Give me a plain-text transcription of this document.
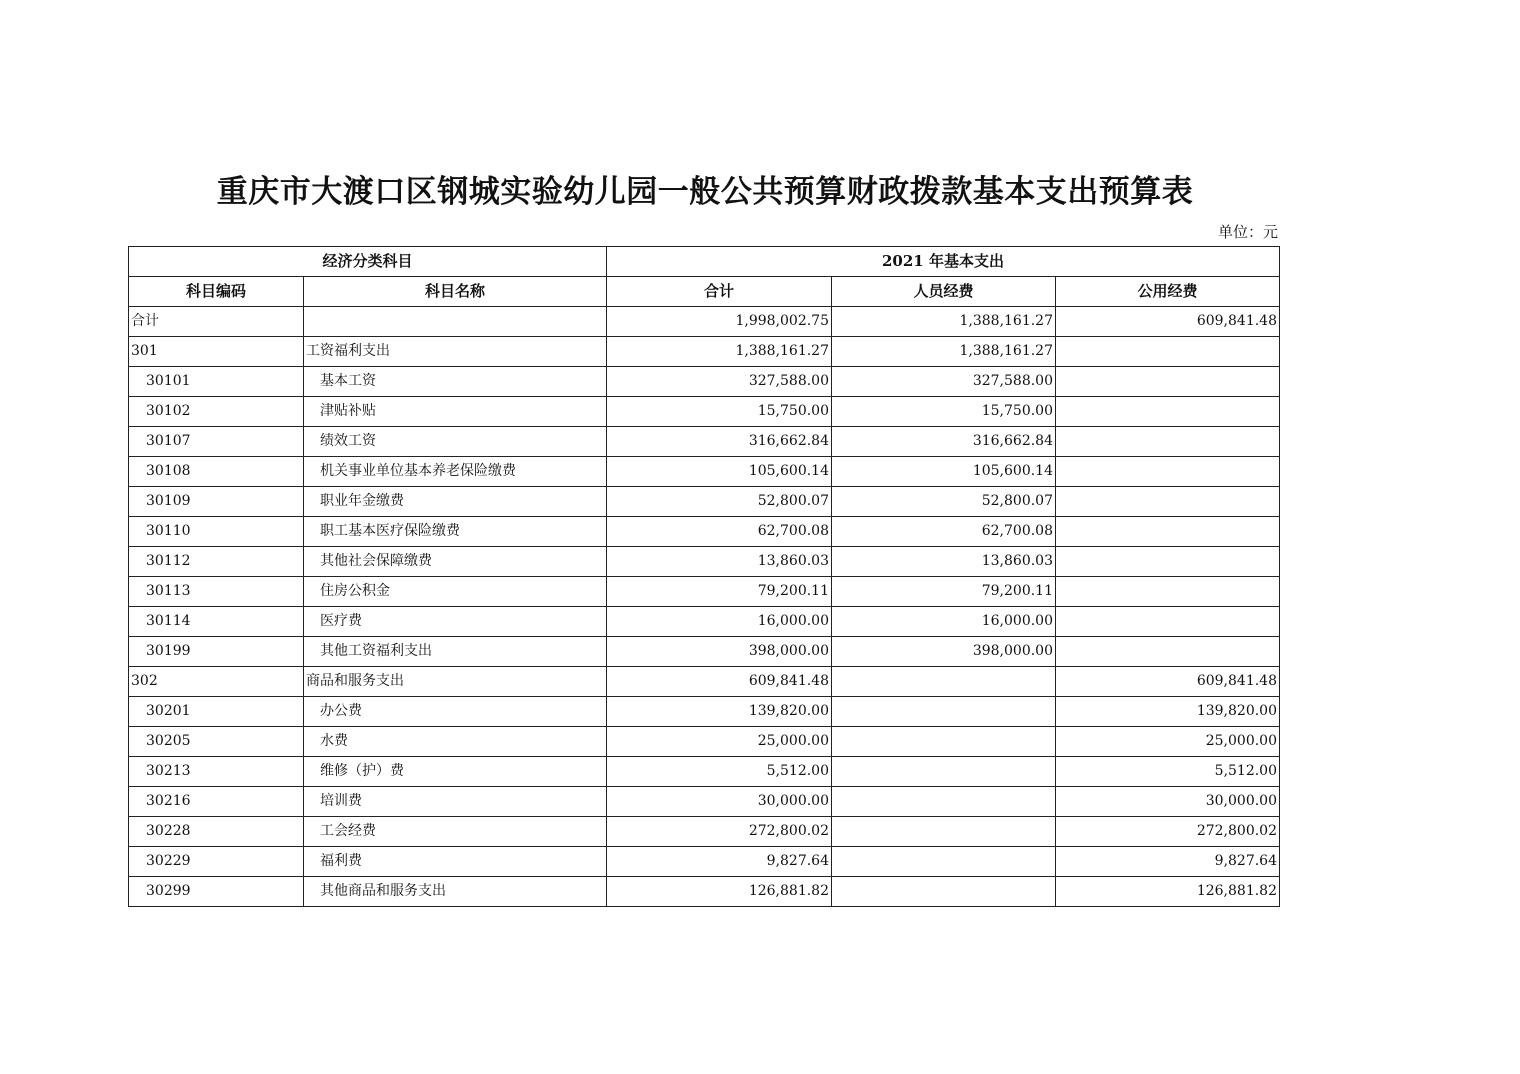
重庆市大渡口区钢城实验幼儿园一般公共预算财政拨款基本支出预算表
单位：元
经济分类科目		2021 年基本支出		
科目编码	科目名称	合计	人员经费	公用经费
合计		1,998,002.75	1,388,161.27	609,841.48
301	工资福利支出	1,388,161.27	1,388,161.27	
30101	基本工资	327,588.00	327,588.00	
30102	津贴补贴	15,750.00	15,750.00	
30107	绩效工资	316,662.84	316,662.84	
30108	机关事业单位基本养老保险缴费	105,600.14	105,600.14	
30109	职业年金缴费	52,800.07	52,800.07	
30110	职工基本医疗保险缴费	62,700.08	62,700.08	
30112	其他社会保障缴费	13,860.03	13,860.03	
30113	住房公积金	79,200.11	79,200.11	
30114	医疗费	16,000.00	16,000.00	
30199	其他工资福利支出	398,000.00	398,000.00	
302	商品和服务支出	609,841.48		609,841.48
30201	办公费	139,820.00		139,820.00
30205	水费	25,000.00		25,000.00
30213	维修（护）费	5,512.00		5,512.00
30216	培训费	30,000.00		30,000.00
30228	工会经费	272,800.02		272,800.02
30229	福利费	9,827.64		9,827.64
30299	其他商品和服务支出	126,881.82		126,881.82
